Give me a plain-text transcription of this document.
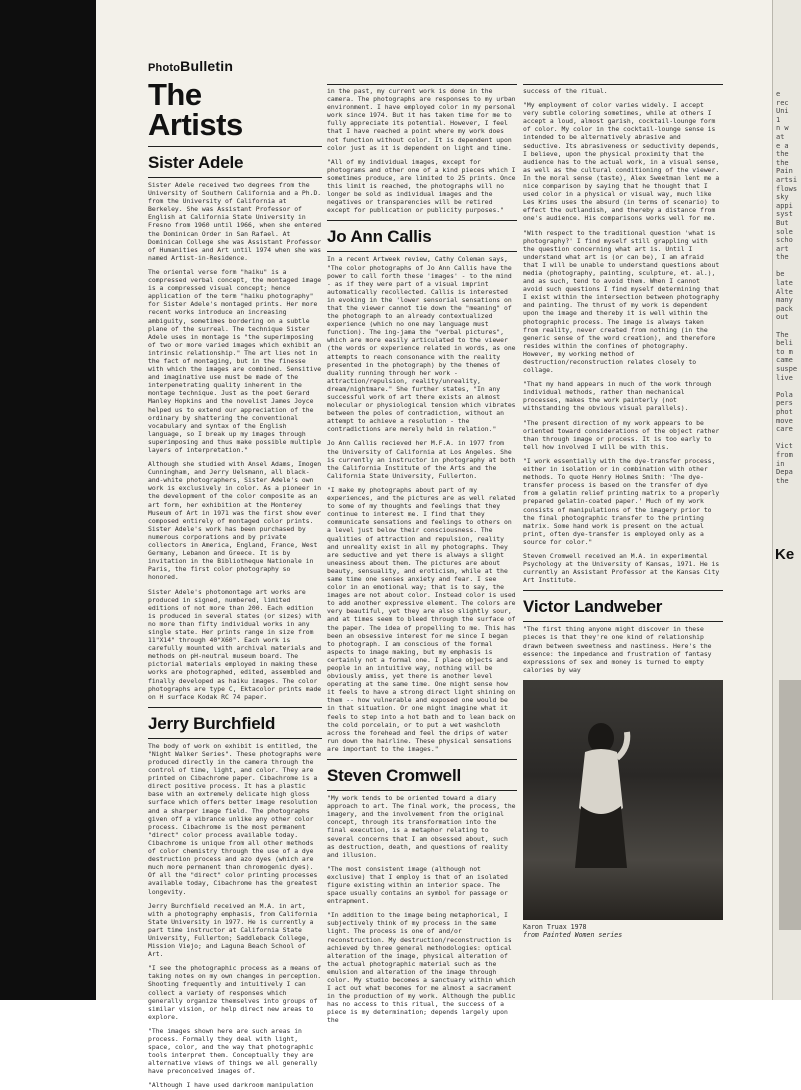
PhotoBulletin
The
Artists
Sister Adele

Sister Adele received two degrees from the University of Southern California and a Ph.D. from the University of California at Berkeley. She was Assistant Professor of English at California State University in Fresno from 1960 until 1966, when she entered the Dominican Order in San Rafael. At Dominican College she was Assistant Professor of Humanities and Art until 1974 when she was named Artist-in-Residence.

The oriental verse form "haiku" is a compressed verbal concept, the montaged image is a compressed visual concept; hence application of the term "haiku photography" for Sister Adele's montaged prints. Her more recent works introduce an increasing ambiguity, sometimes bordering on a subtle plane of the surreal. The technique Sister Adele uses in montage is "the superimposing of two or more varied images which exhibit an intrinsic relationship." The art lies not in the fact of montaging, but in the finesse with which the images are combined. Sensitive and imaginative use must be made of the interpenetrating quality inherent in the montage technique. Just as the poet Gerard Manley Hopkins and the novelist James Joyce helped us to extend our appreciation of the ordinary by shattering the conventional vocabulary and syntax of the English language, so I break up my images through superimposing and thus make possible multiple layers of interpretation."

Although she studied with Ansel Adams, Imogen Cunningham, and Jerry Uelsmann, all black-and-white photographers, Sister Adele's own work is exclusively in color. As a pioneer in the development of the color composite as an art form, her exhibition at the Monterey Museum of Art in 1971 was the first show ever composed entirely of montaged color prints. Sister Adele's work has been purchased by numerous corporations and by private collectors in America, England, France, West Germany, Lebanon and Greece. It is by invitation in the Bibliotheque Nationale in Paris, the first color photography so honored.

Sister Adele's photomontage art works are produced in signed, numbered, limited editions of not more than 200. Each edition is produced in several states (or sizes) with no more than fifty individual works in any single state. Her prints range in size from 11"X14" through 40"X60". Each work is carefully mounted with archival materials and methods on pH-neutral museum board. The pictorial materials employed in making these works are photographed, edited, assembled and finally developed as haiku images. The color photographs are type C, Ektacolor prints made on H surface Kodak RC 74 paper.

Jerry Burchfield

The body of work on exhibit is entitled, the "Night Walker Series". These photographs were produced directly in the camera through the control of time, light, and color. They are printed on Cibachrome paper. Cibachrome is a direct positive process. It has a plastic base with an extremely delicate high gloss surface which offers better image resolution and a sharper image field. The photographs given off a vibrance unlike any other color process. Cibachrome is the most permanent "direct" color process available today. Cibachrome is unique from all other methods of color chemistry through the use of a dye destruction process and azo dyes (which are much more permanent than chromogenic dyes). Of all the "direct" color printing processes available today, Cibachrome has the greatest longevity.

Jerry Burchfield received an M.A. in art, with a photography emphasis, from California State University in 1977. He is currently a part time instructor at California State University, Fullerton; Saddleback College, Mission Viejo; and Laguna Beach School of Art.

"I see the photographic process as a means of taking notes on my own changes in perception. Shooting frequently and intuitively I can collect a variety of responses which generally organize themselves into groups of similar vision, or help direct new areas to explore.

"The images shown here are such areas in process. Formally they deal with light, space, color, and the way that photographic tools interpret them. Conceptually they are alternative views of things we all generally have preconceived images of.

"Although I have used darkroom manipulation

in the past, my current work is done in the camera. The photographs are responses to my urban environment. I have employed color in my personal work since 1974. But it has taken time for me to fully appreciate its potential. However, I feel that I have reached a point where my work does not function without color. It is dependent upon color just as it is dependent on light and time.

"All of my individual images, except for photograms and other one of a kind pieces which I sometimes produce, are limited to 25 prints. Once this limit is reached, the photographs will no longer be sold as individual images and the negatives or transparencies will be retired except for publication or publicity purposes."

Jo Ann Callis

In a recent Artweek review, Cathy Coleman says, "The color photographs of Jo Ann Callis have the power to call forth these 'images' - to the mind - as if they were part of a visual imprint automatically recollected. Callis is interested in evoking in the 'lower sensorial sensations on that the viewer cannot tie down the "meaning" of the photograph to an already contextualized experience (which no one may language must function). The ing-jama the "verbal pictures", which are more easily articulated to the viewer (the words or experience related in words, as one attempts to reach consonance with the reality presented in the photograph) by the themes of duality running through her work - attraction/repulsion, reality/unreality, dream/nightmare." She further states, "In any successful work of art there exists an almost molecular or physiological tension which vibrates between the poles of contradiction, without an attempt to achieve a resolution - the contradictions are merely held in relation."

Jo Ann Callis recieved her M.F.A. in 1977 from the University of California at Los Angeles. She is currently an instructor in photography at both the California Institute of the Arts and the California State University, Fullerton.

"I make my photographs about part of my experiences, and the pictures are as well related to some of my thoughts and feelings that they continue to interest me. I find that they communicate sensations and feelings to others on a level just below their consciousness. The qualities of attraction and repulsion, reality and unreality exist in all my photographs. They are seductive and yet there is always a slight uneasiness about them. The pictures are about beauty, sensuality, and eroticism, while at the same time one senses anxiety and fear. I see color in an emotional way; that is to say, the images are not about color. Instead color is used to add another expressive element. The colors are very beautiful, yet they are also slightly sour, and at times seem to bleed through the surface of the paper. The idea of propelling to me. This has been an obsessive interest for me since I began to photograph. I am conscious of the formal aspects to image making, but my emphasis is certainly not a formal one. I place objects and people in an intuitive way, nothing will be obviously amiss, yet there is another level operating at the same time. One might sense how it feels to have a strong direct light shining on them -- how vulnerable and exposed one would be in that situation. Or one might imagine what it feels to step into a hot bath and to lean back on the cold porcelain, or to put a wet washcloth across the forehead and feel the drips of water run down the hairline. These physical sensations are important to the images."

Steven Cromwell

"My work tends to be oriented toward a diary approach to art. The final work, the process, the imagery, and the involvement from the original concept, through its transformation into the final execution, is a metaphor relating to several concerns that I am obsessed about, such as destruction, death, and questions of reality and illusion.

"The most consistent image (although not exclusive) that I employ is that of an isolated figure existing within an interior space. The space usually contains an symbol for passage or entrapment.

"In addition to the image being metaphorical, I subjectively think of my process in the same light. The process is one of and/or reconstruction. My destruction/reconstruction is achieved by three general methodologies: optical alteration of the image, physical alteration of the actual photographic material such as the emulsion and alteration of the image through color. My studio becomes a sanctuary within which I act out what becomes for me almost a sacrament in the production of my work. Although the public has no access to this ritual, the success of a piece is my determination; depends largely upon the

success of the ritual.

"My employment of color varies widely. I accept very subtle coloring sometimes, while at others I accept a loud, almost garish, cocktail-lounge form of color. My color in the cocktail-lounge sense is intended to be alternatively abrasive and seductive. Its abrasiveness or seductivity depends, I believe, upon the physical proximity that the audience has to the actual work, in a visual sense, as well as the cultural conditioning of the viewer. In the moral sense (taste), Alex Sweetman lent me a nice comparison by saying that he thought that I used color in a physical or visual way, much like Les Krims uses the absurd (in terms of scenario) to effect the outlandish, and thereby a distance from one's audience. His comparisons works well for me.

"With respect to the traditional question 'what is photography?' I find myself still grappling with the question concerning what art is. Until I understand what art is (or can be), I am afraid that I will be unable to understand questions about media (photography, painting, sculpture, et. al.), and as such, tend to avoid them. When I cannot avoid such questions I find myself determining that I exist within the intersection between photography and painting. The thrust of my work is dependent upon the image and thereby it is well within the photographic process. The image is always taken from reality, never created from nothing (in the generic sense of the word creation), and therefore resides within the confines of photography. However, my working method of destruction/reconstruction relates closely to collage.

"That my hand appears in much of the work through individual methods, rather than mechanical processes, makes the work painterly (not withstanding the obvious visual parallels).

"The present direction of my work appears to be oriented toward considerations of the object rather than through image or process. It is too early to tell how involved I will be with this.

"I work essentially with the dye-transfer process, either in isolation or in combination with other methods. To quote Henry Holmes Smith: 'The dye-transfer process is based on the transfer of dye from a gelatin relief printing matrix to a properly prepared gelatin-coated paper.' Much of my work consists of manipulations of the imagery prior to the final photographic transfer to the printing matrix. Some hand work is present on the actual print, often dye-transfer is employed only as a source for color."

Steven Cromwell received an M.A. in experimental Psychology at the University of Kansas, 1971. He is currently an Assistant Professor at the Kansas City Art Institute.

Victor Landweber

"The first thing anyone might discover in these pieces is that they're one kind of relationship drawn between sweetness and nastiness. Here's the essence: the impedance and frustration of fantasy expressions of sex and money is turned to empty calories by way

Karon Truax 1978
from Painted Women series
e
rec
Uni
1
n w
at
e a
the
the
Pain
artsi
flows
sky
appi
syst
But
sole
scho
art
the

be
late
Alte
many
pack
out

The
beli
to m
came
suspe
live

Pola
pers
phot
move
care

Vict
from
in
Depa
the
Ke
